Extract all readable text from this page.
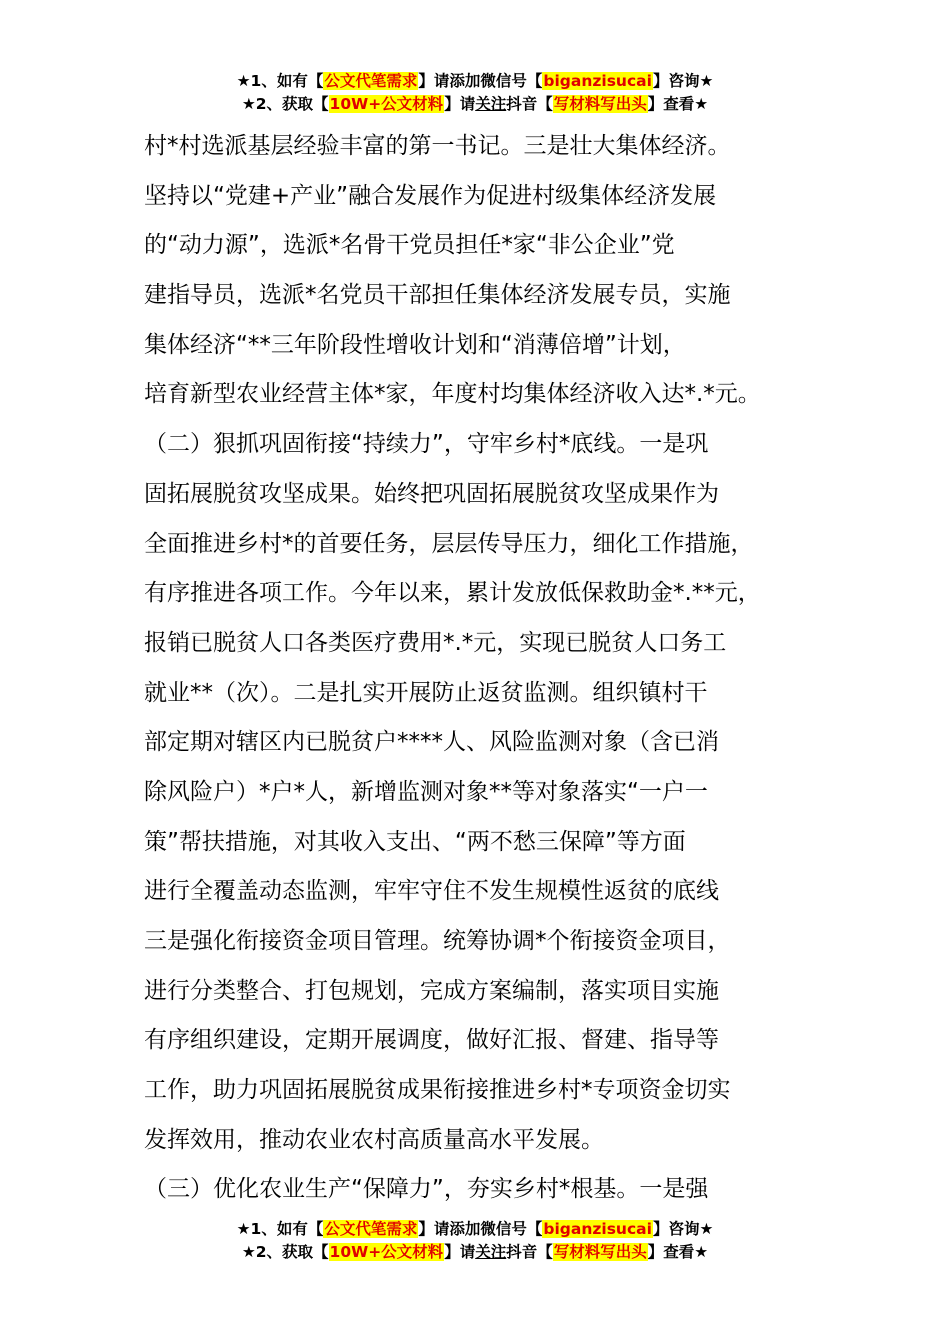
★1、如有【公文代笔需求】请添加微信号【biganzisucai】咨询★
★2、获取【10W+公文材料】请关注抖音【写材料写出头】查看★
村*村选派基层经验丰富的第一书记。三是壮大集体经济。
坚持以“党建+产业”融合发展作为促进村级集体经济发展
的“动力源”，选派*名骨干党员担任*家“非公企业”党
建指导员，选派*名党员干部担任集体经济发展专员，实施
集体经济“**三年阶段性增收计划和“消薄倍增”计划，
培育新型农业经营主体*家，年度村均集体经济收入达*.*元。
（二）狠抓巩固衔接“持续力”，守牢乡村*底线。一是巩
固拓展脱贫攻坚成果。始终把巩固拓展脱贫攻坚成果作为
全面推进乡村*的首要任务，层层传导压力，细化工作措施，
有序推进各项工作。今年以来，累计发放低保救助金*.**元，
报销已脱贫人口各类医疗费用*.*元，实现已脱贫人口务工
就业**（次）。二是扎实开展防止返贫监测。组织镇村干
部定期对辖区内已脱贫户****人、风险监测对象（含已消
除风险户）*户*人，新增监测对象**等对象落实“一户一
策”帮扶措施，对其收入支出、“两不愁三保障”等方面
进行全覆盖动态监测，牢牢守住不发生规模性返贫的底线
三是强化衔接资金项目管理。统筹协调*个衔接资金项目，
进行分类整合、打包规划，完成方案编制，落实项目实施
有序组织建设，定期开展调度，做好汇报、督建、指导等
工作，助力巩固拓展脱贫成果衔接推进乡村*专项资金切实
发挥效用，推动农业农村高质量高水平发展。
（三）优化农业生产“保障力”，夯实乡村*根基。一是强
★1、如有【公文代笔需求】请添加微信号【biganzisucai】咨询★
★2、获取【10W+公文材料】请关注抖音【写材料写出头】查看★
